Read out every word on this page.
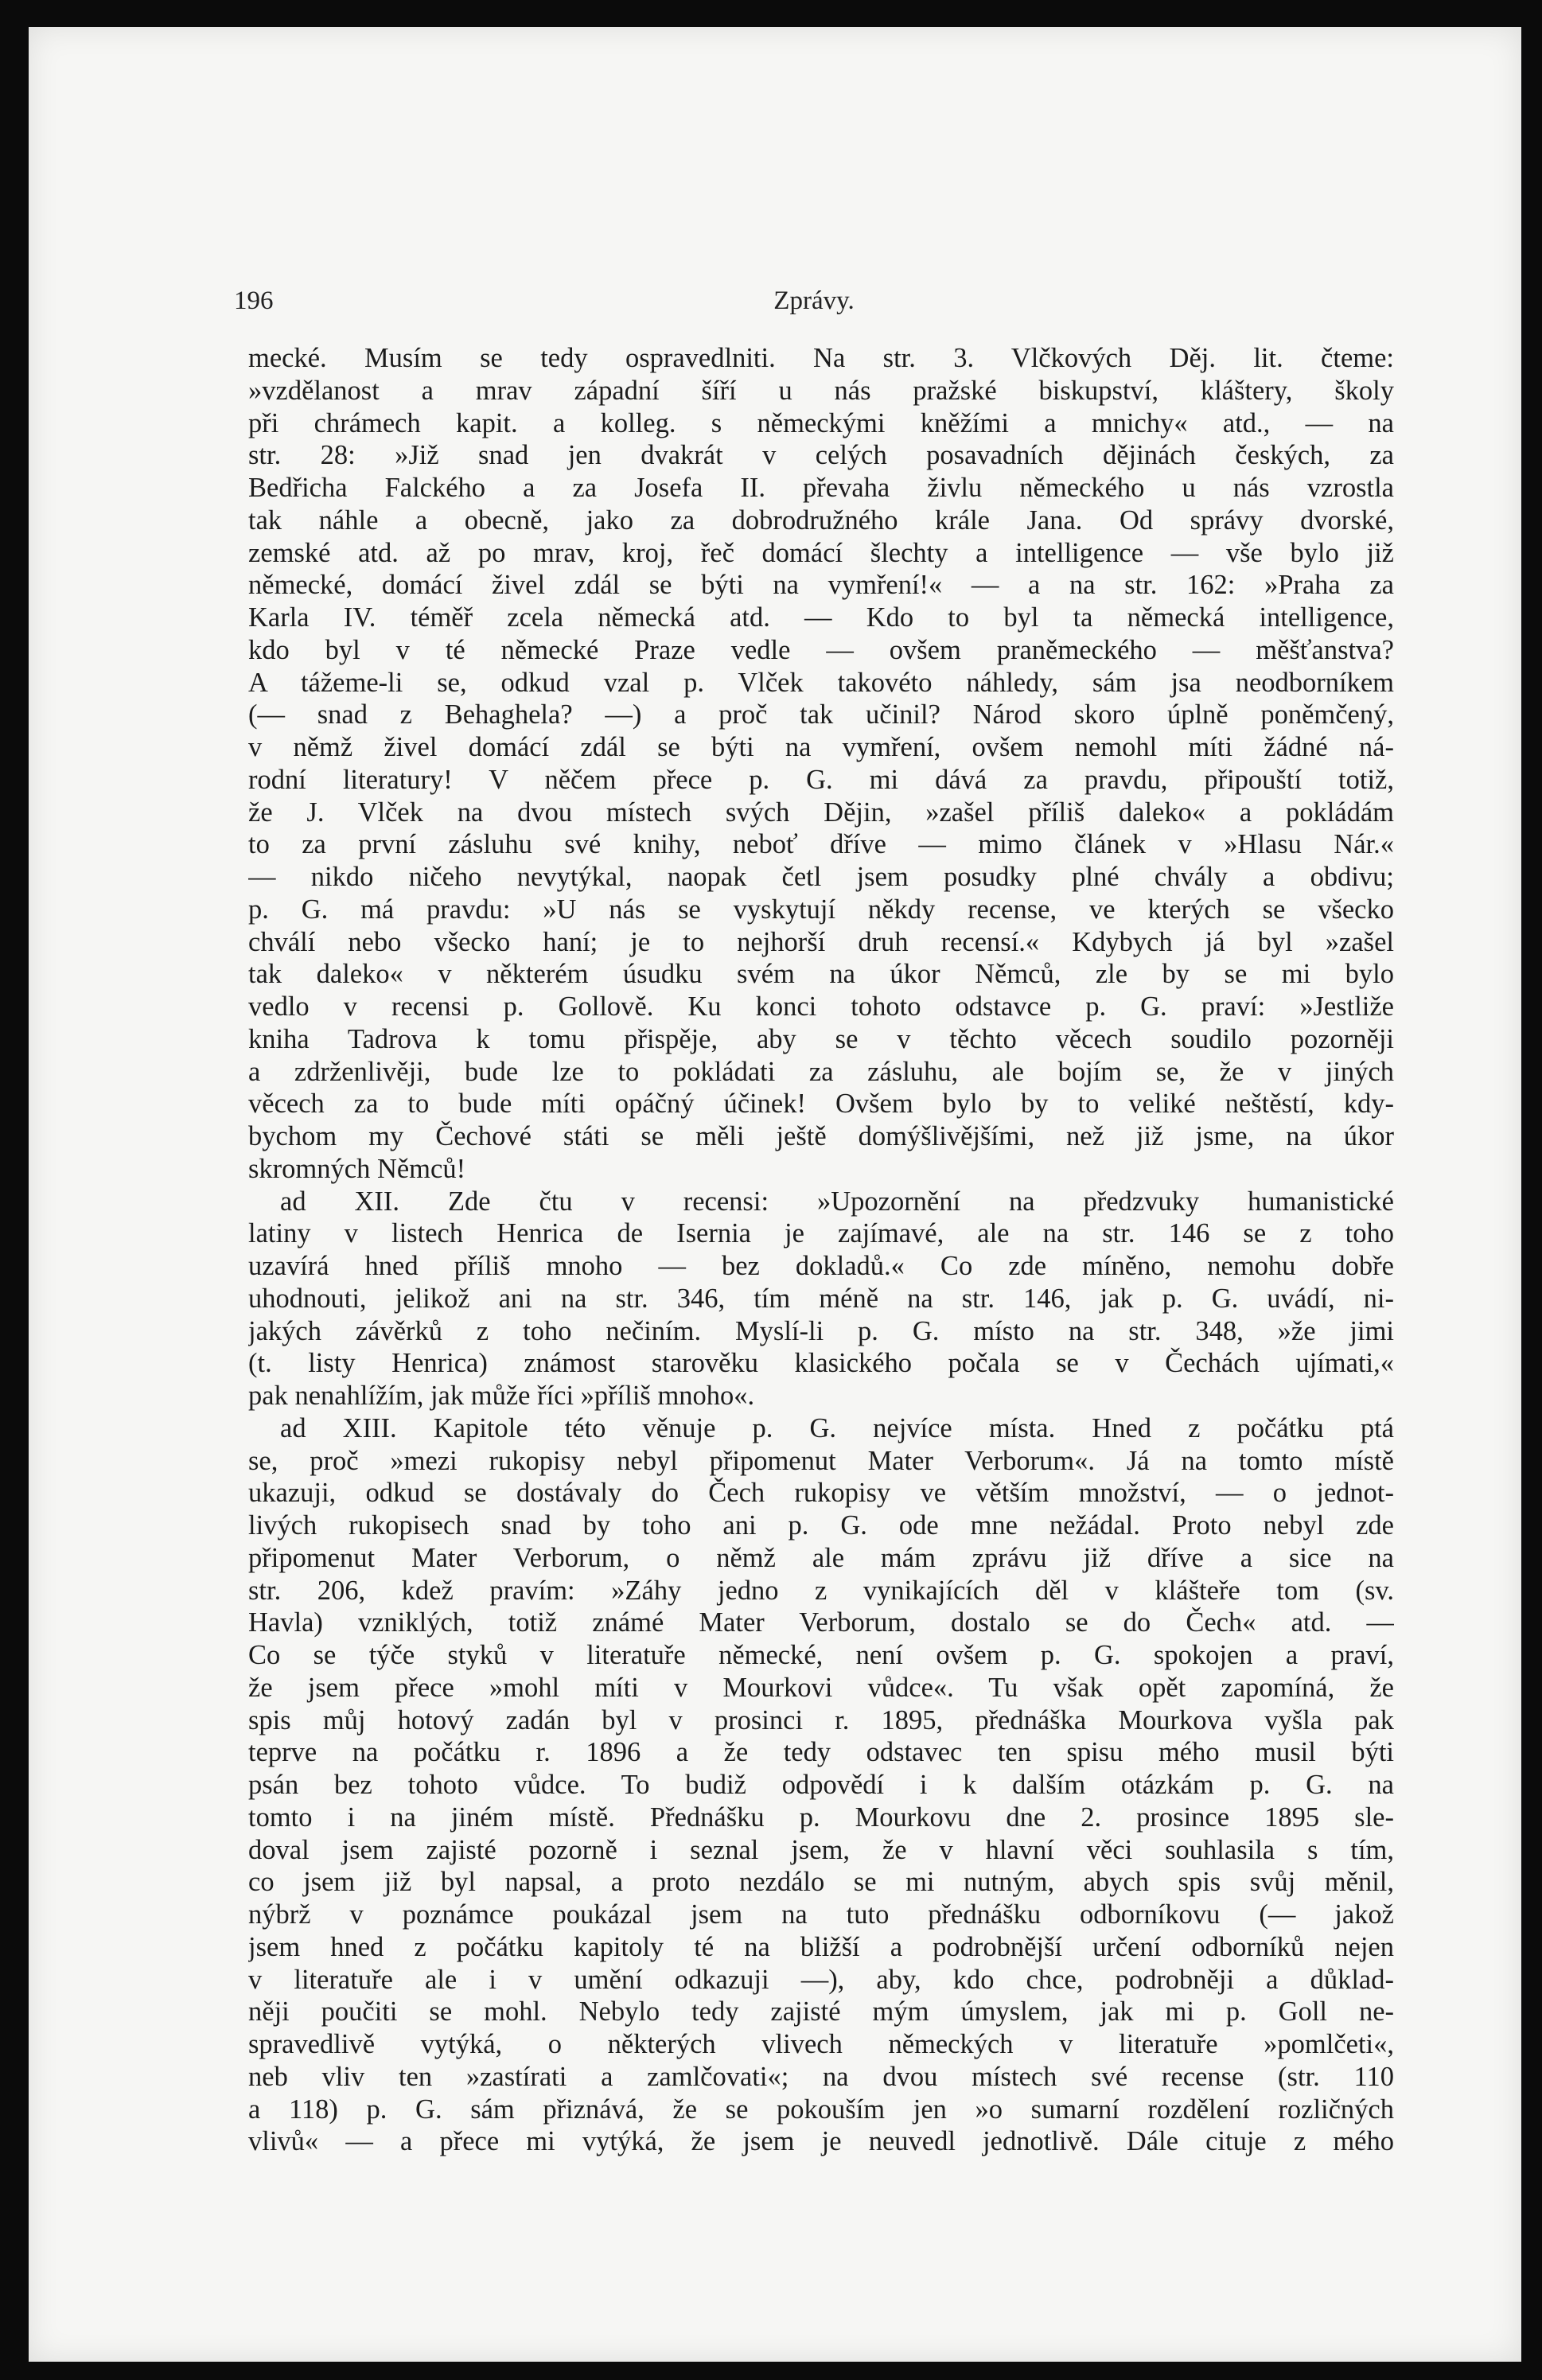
196	Zprávy.
mecké. Musím se tedy ospravedlniti. Na str. 3. Vlčkových Děj. lit. čteme:
»vzdělanost a mrav západní šíří u nás pražské biskupství, kláštery, školy
při chrámech kapit. a kolleg. s německými kněžími a mnichy« atd., — na
str. 28: »Již snad jen dvakrát v celých posavadních dějinách českých, za
Bedřicha Falckého a za Josefa II. převaha živlu německého u nás vzrostla
tak náhle a obecně, jako za dobrodružného krále Jana. Od správy dvorské,
zemské atd. až po mrav, kroj, řeč domácí šlechty a intelligence — vše bylo již
německé, domácí živel zdál se býti na vymření!« — a na str. 162: »Praha za
Karla IV. téměř zcela německá atd. — Kdo to byl ta německá intelligence,
kdo byl v té německé Praze vedle — ovšem praněmeckého — měšťanstva?
A tážeme-li se, odkud vzal p. Vlček takovéto náhledy, sám jsa neodborníkem
(— snad z Behaghela? —) a proč tak učinil? Národ skoro úplně poněmčený,
v němž živel domácí zdál se býti na vymření, ovšem nemohl míti žádné ná-
rodní literatury! V něčem přece p. G. mi dává za pravdu, připouští totiž,
že J. Vlček na dvou místech svých Dějin, »zašel příliš daleko« a pokládám
to za první zásluhu své knihy, neboť dříve — mimo článek v »Hlasu Nár.«
— nikdo ničeho nevytýkal, naopak četl jsem posudky plné chvály a obdivu;
p. G. má pravdu: »U nás se vyskytují někdy recense, ve kterých se všecko
chválí nebo všecko haní; je to nejhorší druh recensí.« Kdybych já byl »zašel
tak daleko« v některém úsudku svém na úkor Němců, zle by se mi bylo
vedlo v recensi p. Gollově. Ku konci tohoto odstavce p. G. praví: »Jestliže
kniha Tadrova k tomu přispěje, aby se v těchto věcech soudilo pozorněji
a zdrženlivěji, bude lze to pokládati za zásluhu, ale bojím se, že v jiných
věcech za to bude míti opáčný účinek! Ovšem bylo by to veliké neštěstí, kdy-
bychom my Čechové státi se měli ještě domýšlivějšími, než již jsme, na úkor
skromných Němců!
ad XII. Zde čtu v recensi: »Upozornění na předzvuky humanistické
latiny v listech Henrica de Isernia je zajímavé, ale na str. 146 se z toho
uzavírá hned příliš mnoho — bez dokladů.« Co zde míněno, nemohu dobře
uhodnouti, jelikož ani na str. 346, tím méně na str. 146, jak p. G. uvádí, ni-
jakých závěrků z toho nečiním. Myslí-li p. G. místo na str. 348, »že jimi
(t. listy Henrica) známost starověku klasického počala se v Čechách ujímati,«
pak nenahlížím, jak může říci »příliš mnoho«.
ad XIII. Kapitole této věnuje p. G. nejvíce místa. Hned z počátku ptá
se, proč »mezi rukopisy nebyl připomenut Mater Verborum«. Já na tomto místě
ukazuji, odkud se dostávaly do Čech rukopisy ve větším množství, — o jednot-
livých rukopisech snad by toho ani p. G. ode mne nežádal. Proto nebyl zde
připomenut Mater Verborum, o němž ale mám zprávu již dříve a sice na
str. 206, kdež pravím: »Záhy jedno z vynikajících děl v klášteře tom (sv.
Havla) vzniklých, totiž známé Mater Verborum, dostalo se do Čech« atd. —
Co se týče styků v literatuře německé, není ovšem p. G. spokojen a praví,
že jsem přece »mohl míti v Mourkovi vůdce«. Tu však opět zapomíná, že
spis můj hotový zadán byl v prosinci r. 1895, přednáška Mourkova vyšla pak
teprve na počátku r. 1896 a že tedy odstavec ten spisu mého musil býti
psán bez tohoto vůdce. To budiž odpovědí i k dalším otázkám p. G. na
tomto i na jiném místě. Přednášku p. Mourkovu dne 2. prosince 1895 sle-
doval jsem zajisté pozorně i seznal jsem, že v hlavní věci souhlasila s tím,
co jsem již byl napsal, a proto nezdálo se mi nutným, abych spis svůj měnil,
nýbrž v poznámce poukázal jsem na tuto přednášku odborníkovu (— jakož
jsem hned z počátku kapitoly té na bližší a podrobnější určení odborníků nejen
v literatuře ale i v umění odkazuji —), aby, kdo chce, podrobněji a důklad-
něji poučiti se mohl. Nebylo tedy zajisté mým úmyslem, jak mi p. Goll ne-
spravedlivě vytýká, o některých vlivech německých v literatuře »pomlčeti«,
neb vliv ten »zastírati a zamlčovati«; na dvou místech své recense (str. 110
a 118) p. G. sám přiznává, že se pokouším jen »o sumarní rozdělení rozličných
vlivů« — a přece mi vytýká, že jsem je neuvedl jednotlivě. Dále cituje z mého
